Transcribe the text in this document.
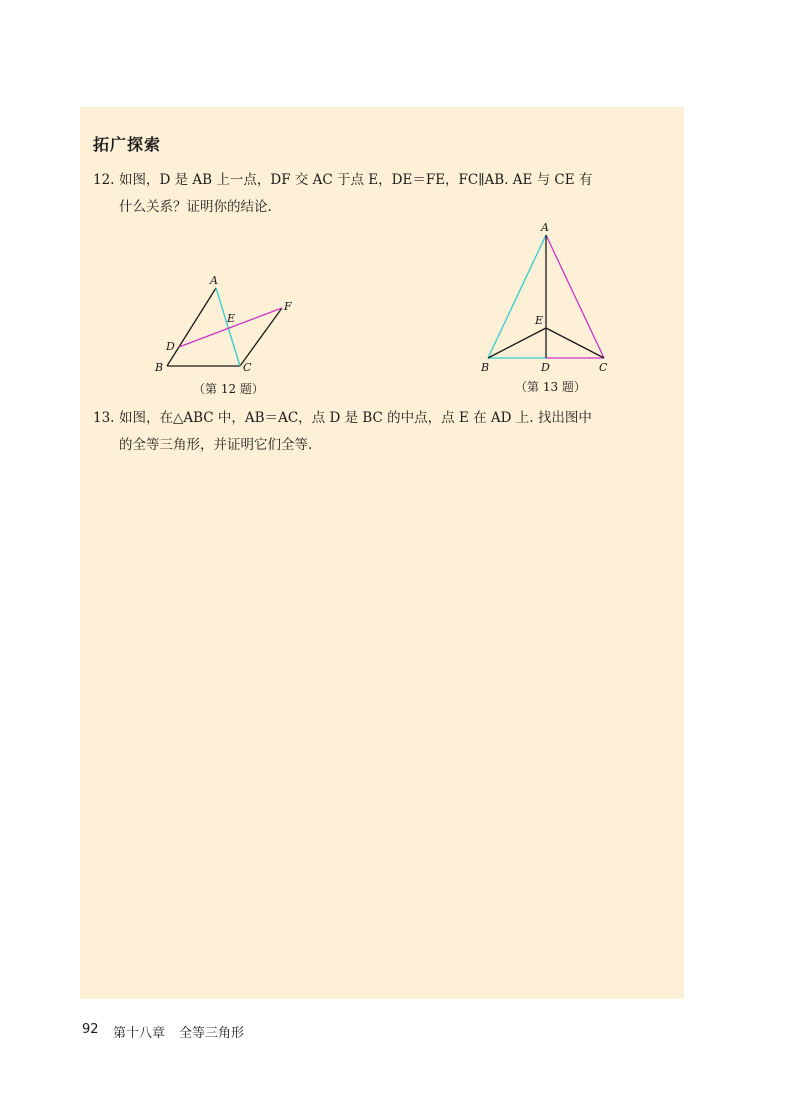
拓广探索
12. 如图，D 是 AB 上一点，DF 交 AC 于点 E，DE＝FE，FC∥AB. AE 与 CE 有
什么关系？证明你的结论.
A
F
E
D
B	C
（第 12 题）
A
E
B	D	C
（第 13 题）
13. 如图，在△ABC 中，AB＝AC，点 D 是 BC 的中点，点 E 在 AD 上. 找出图中
的全等三角形，并证明它们全等.
92 第十八章 全等三角形
